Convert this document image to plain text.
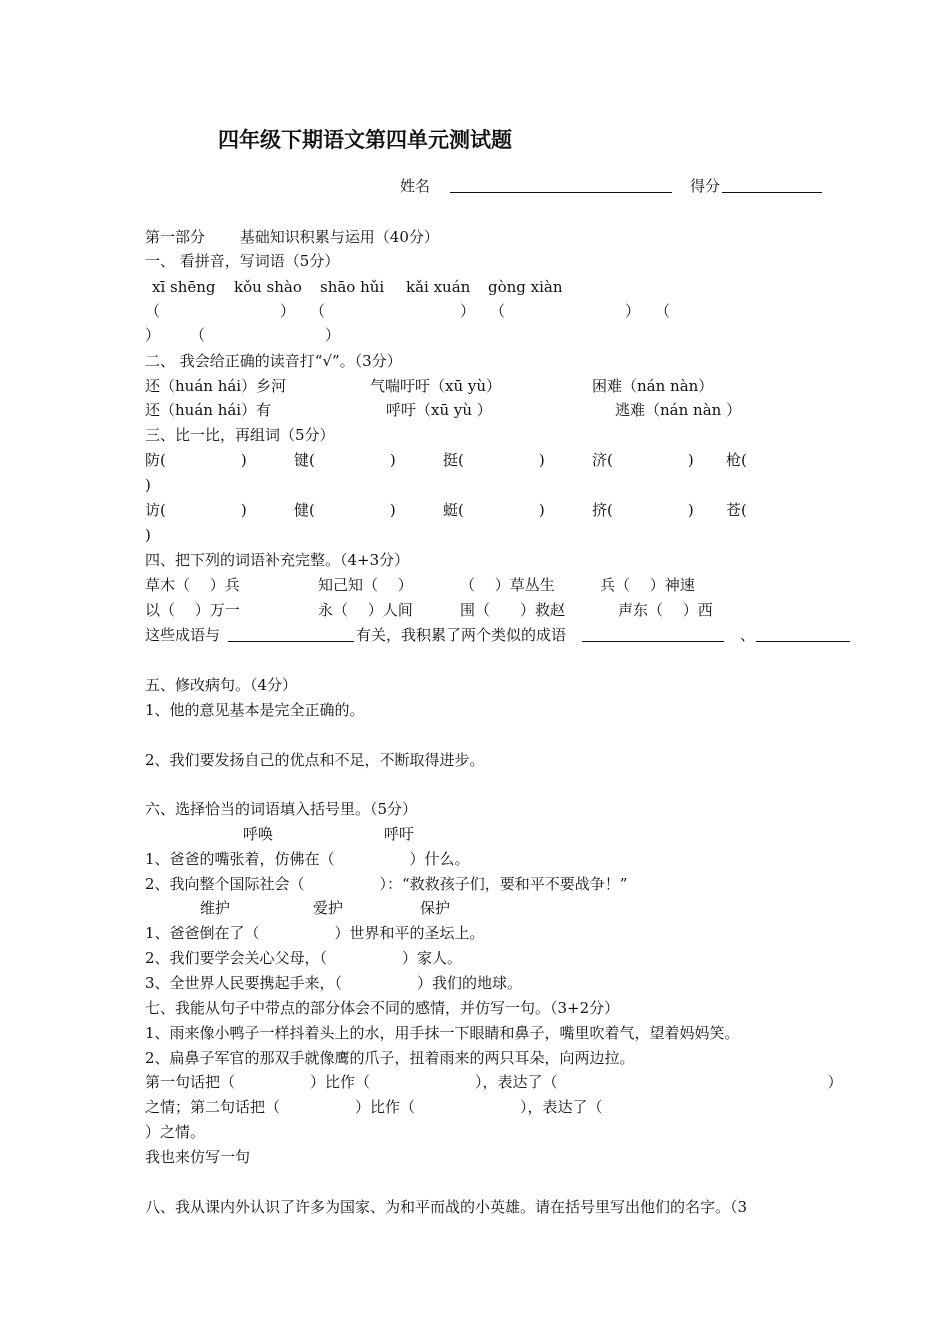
四年级下期语文第四单元测试题
姓名	得分
第一部分　　 基础知识积累与运用（40分）
一、 看拼音，写词语（5分）
xī shēng kǒu shào shāo hǔi kǎi xuán gòng xiàn
（　　　　　　　　）　　（　　　　　　　　　）　　（　　　　　　　　）　　（
）　　　（　　　　　　　　）
二、 我会给正确的读音打“√”。（3分）
还（huán hái）乡河	气喘吁吁（xū yù）	困难（nán nàn）
还（huán hái）有	呼吁（xū yù ）	逃难（nán nàn ）
三、比一比，再组词（5分）
防(　　　　　)	键(　　　　　)	挺(　　　　　)	济(　　　　　) 枪(
)
访(　　　　　)	健(　　　　　)	蜓(　　　　　)	挤(　　　　　) 苍(
)
四、把下列的词语补充完整。（4+3分）
草木（　 ）兵	知己知（　 ）	（　 ）草丛生	兵（　 ）神速
以（　 ）万一	永（　 ）人间	围（　　）救赵	声东（　 ）西
这些成语与	有关，我积累了两个类似的成语	、
五、修改病句。（4分）
1、他的意见基本是完全正确的。
2、我们要发扬自己的优点和不足，不断取得进步。
六、选择恰当的词语填入括号里。（5分）
呼唤	呼吁
1、爸爸的嘴张着，仿佛在（　　　　　）什么。
2、我向整个国际社会（　　　　　）：“救救孩子们，要和平不要战争！”
维护	爱护	保护
1、爸爸倒在了（　　　　　）世界和平的圣坛上。
2、我们要学会关心父母，（　　　　　）家人。
3、全世界人民要携起手来，（　　　　　）我们的地球。
七、我能从句子中带点的部分体会不同的感情，并仿写一句。（3+2分）
1、雨来像小鸭子一样抖着头上的水，用手抹一下眼睛和鼻子，嘴里吹着气，望着妈妈笑。
2、扁鼻子军官的那双手就像鹰的爪子，扭着雨来的两只耳朵，向两边拉。
第一句话把（　　　　　）比作（　　　　　　　），表达了（　　　　　　　　　　　　　　　　　　）
之情；第二句话把（　　　　　）比作（　　　　　　　），表达了（
）之情。
我也来仿写一句
八、我从课内外认识了许多为国家、为和平而战的小英雄。请在括号里写出他们的名字。（3
